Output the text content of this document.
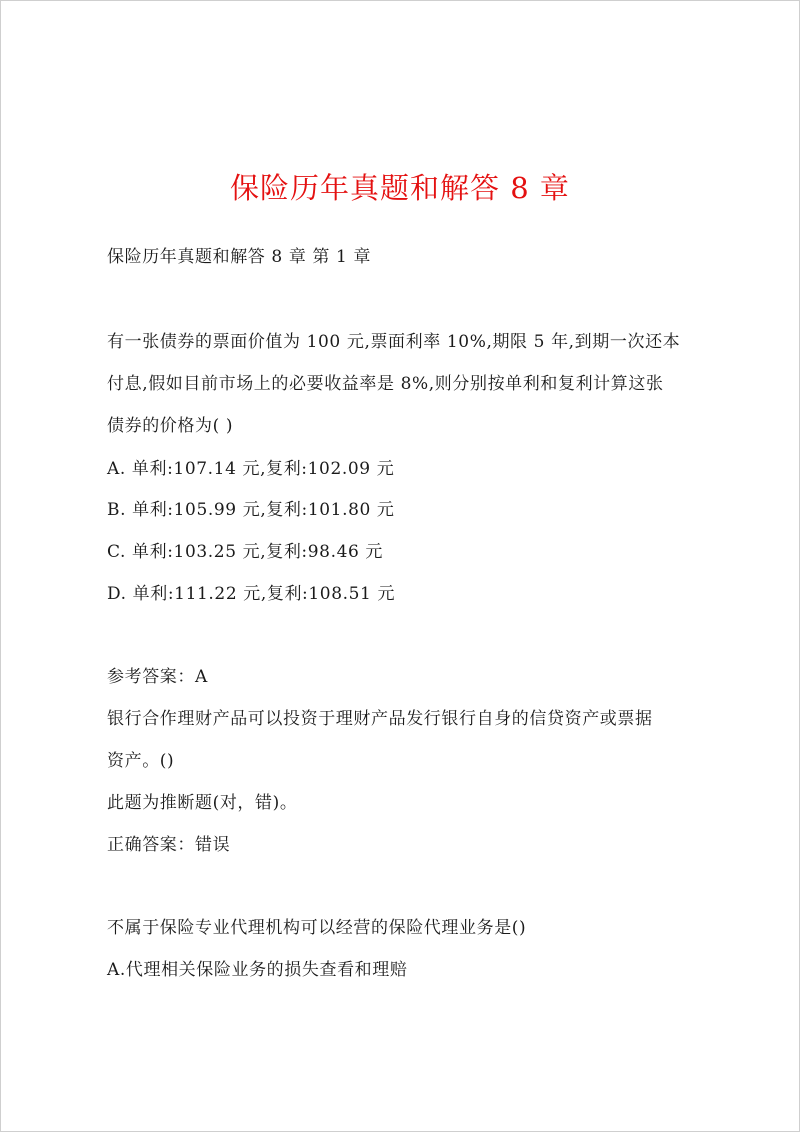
保险历年真题和解答 8 章
保险历年真题和解答 8 章 第 1 章
有一张债券的票面价值为 100 元,票面利率 10%,期限 5 年,到期一次还本
付息,假如目前市场上的必要收益率是 8%,则分别按单利和复利计算这张
债券的价格为( )
A. 单利:107.14 元,复利:102.09 元
B. 单利:105.99 元,复利:101.80 元
C. 单利:103.25 元,复利:98.46 元
D. 单利:111.22 元,复利:108.51 元
参考答案：A
银行合作理财产品可以投资于理财产品发行银行自身的信贷资产或票据
资产。()
此题为推断题(对，错)。
正确答案：错误
不属于保险专业代理机构可以经营的保险代理业务是()
A.代理相关保险业务的损失查看和理赔
